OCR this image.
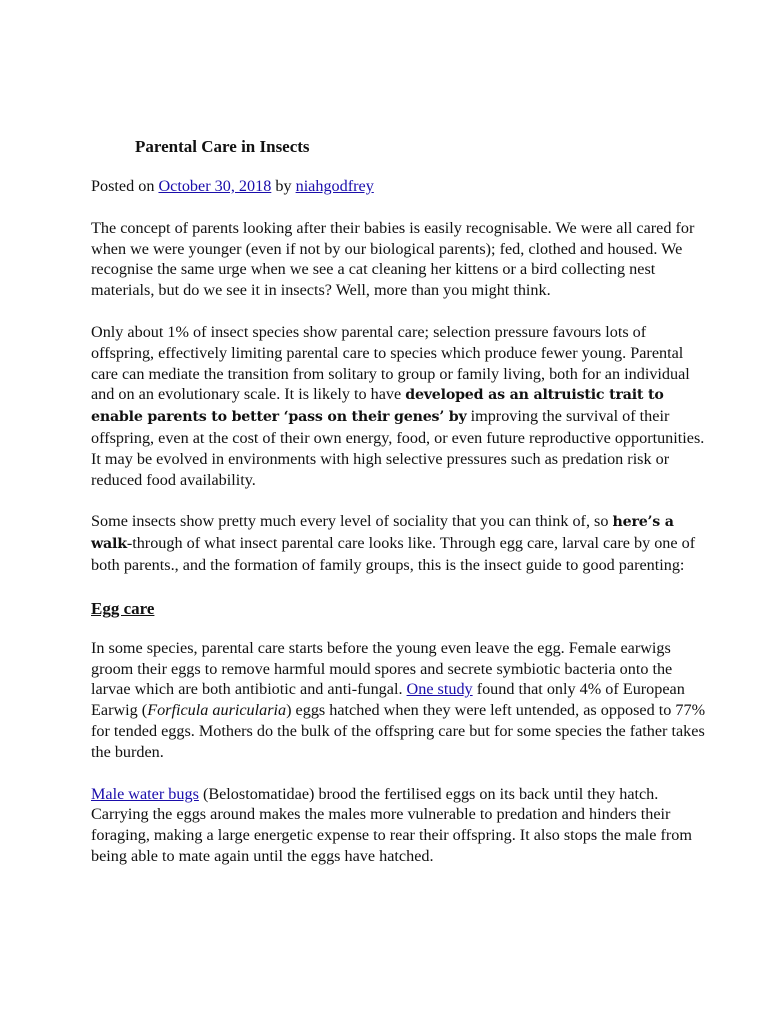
Parental Care in Insects
Posted on October 30, 2018 by niahgodfrey

The concept of parents looking after their babies is easily recognisable. We were all cared for when we were younger (even if not by our biological parents); fed, clothed and housed. We recognise the same urge when we see a cat cleaning her kittens or a bird collecting nest materials, but do we see it in insects? Well, more than you might think.

Only about 1% of insect species show parental care; selection pressure favours lots of offspring, effectively limiting parental care to species which produce fewer young. Parental care can mediate the transition from solitary to group or family living, both for an individual and on an evolutionary scale. It is likely to have developed as an altruistic trait to enable parents to better ‘pass on their genes’ by improving the survival of their offspring, even at the cost of their own energy, food, or even future reproductive opportunities. It may be evolved in environments with high selective pressures such as predation risk or reduced food availability.

Some insects show pretty much every level of sociality that you can think of, so here’s a walk-through of what insect parental care looks like. Through egg care, larval care by one of both parents., and the formation of family groups, this is the insect guide to good parenting:

Egg care

In some species, parental care starts before the young even leave the egg. Female earwigs groom their eggs to remove harmful mould spores and secrete symbiotic bacteria onto the larvae which are both antibiotic and anti-fungal. One study found that only 4% of European Earwig (Forficula auricularia) eggs hatched when they were left untended, as opposed to 77% for tended eggs. Mothers do the bulk of the offspring care but for some species the father takes the burden.

Male water bugs (Belostomatidae) brood the fertilised eggs on its back until they hatch. Carrying the eggs around makes the males more vulnerable to predation and hinders their foraging, making a large energetic expense to rear their offspring. It also stops the male from being able to mate again until the eggs have hatched.
